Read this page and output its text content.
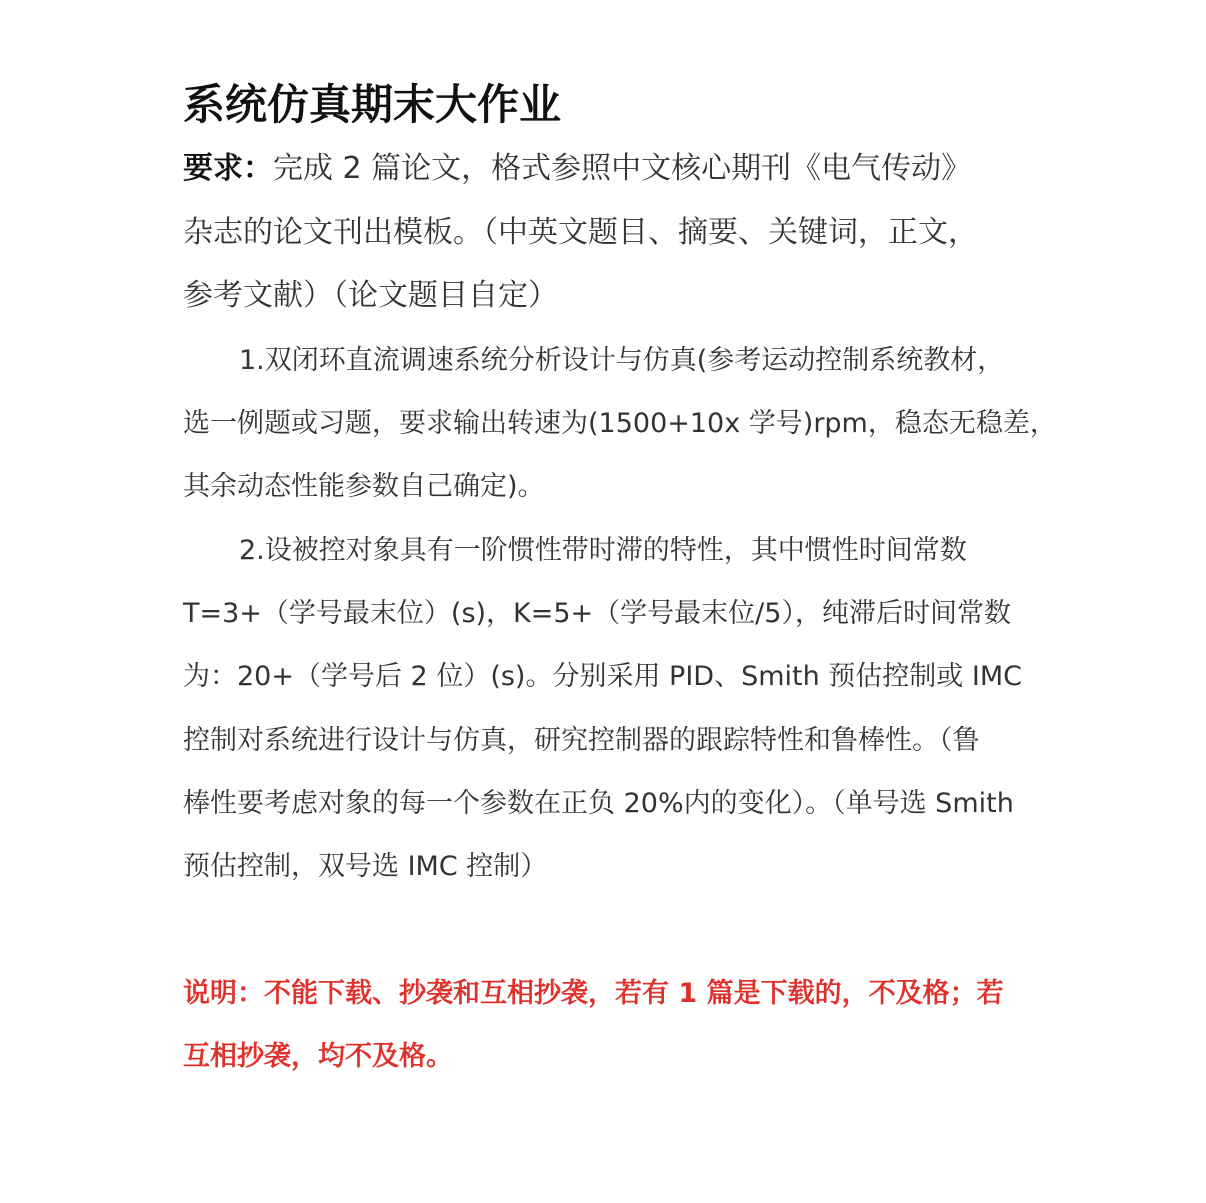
系统仿真期末大作业
要求：完成 2 篇论文，格式参照中文核心期刊《电气传动》
杂志的论文刊出模板。（中英文题目、摘要、关键词，正文，
参考文献）（论文题目自定）
1.双闭环直流调速系统分析设计与仿真(参考运动控制系统教材，
选一例题或习题，要求输出转速为(1500+10x 学号)rpm，稳态无稳差，
其余动态性能参数自己确定)。
2.设被控对象具有一阶惯性带时滞的特性，其中惯性时间常数
T=3+（学号最末位）(s)，K=5+（学号最末位/5），纯滞后时间常数
为：20+（学号后 2 位）(s)。分别采用 PID、Smith 预估控制或 IMC
控制对系统进行设计与仿真，研究控制器的跟踪特性和鲁棒性。（鲁
棒性要考虑对象的每一个参数在正负 20%内的变化）。（单号选 Smith
预估控制，双号选 IMC 控制）
说明：不能下载、抄袭和互相抄袭，若有 1 篇是下载的，不及格；若
互相抄袭，均不及格。
